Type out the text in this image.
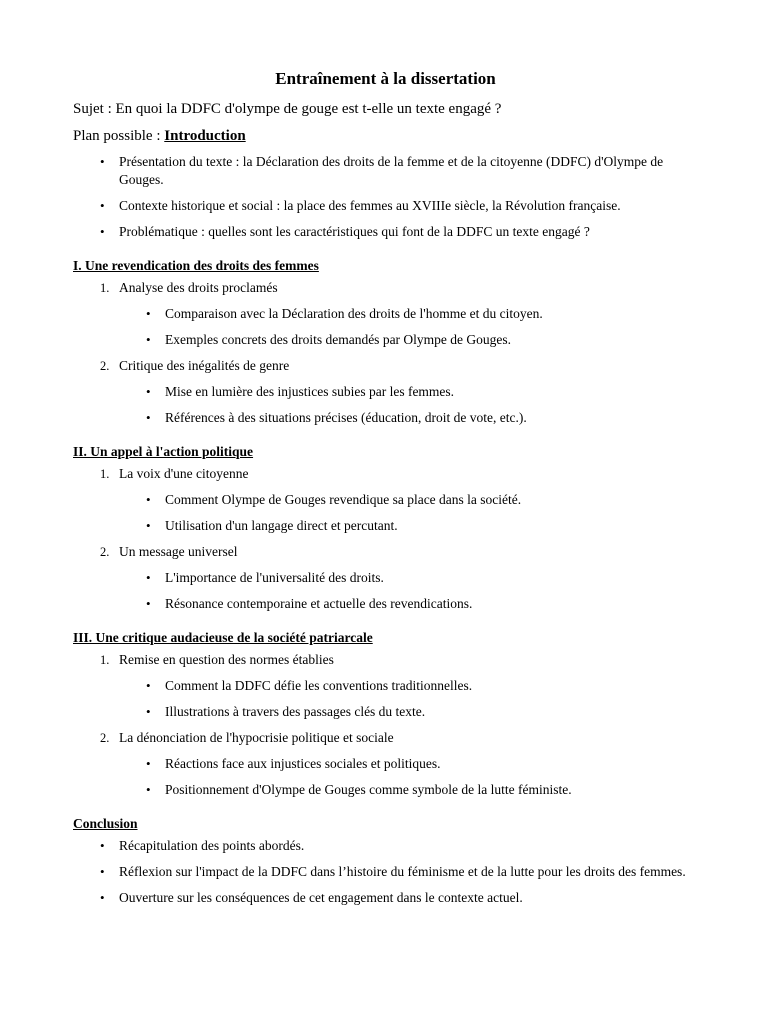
Entraînement à la dissertation
Sujet : En quoi la DDFC d'olympe de gouge est t-elle un texte engagé ?
Plan possible : Introduction
• Présentation du texte : la Déclaration des droits de la femme et de la citoyenne (DDFC) d'Olympe de Gouges.
• Contexte historique et social : la place des femmes au XVIIIe siècle, la Révolution française.
• Problématique : quelles sont les caractéristiques qui font de la DDFC un texte engagé ?
I. Une revendication des droits des femmes
1. Analyse des droits proclamés
• Comparaison avec la Déclaration des droits de l'homme et du citoyen.
• Exemples concrets des droits demandés par Olympe de Gouges.
2. Critique des inégalités de genre
• Mise en lumière des injustices subies par les femmes.
• Références à des situations précises (éducation, droit de vote, etc.).
II. Un appel à l'action politique
1. La voix d'une citoyenne
• Comment Olympe de Gouges revendique sa place dans la société.
• Utilisation d'un langage direct et percutant.
2. Un message universel
• L'importance de l'universalité des droits.
• Résonance contemporaine et actuelle des revendications.
III. Une critique audacieuse de la société patriarcale
1. Remise en question des normes établies
• Comment la DDFC défie les conventions traditionnelles.
• Illustrations à travers des passages clés du texte.
2. La dénonciation de l'hypocrisie politique et sociale
• Réactions face aux injustices sociales et politiques.
• Positionnement d'Olympe de Gouges comme symbole de la lutte féministe.
Conclusion
• Récapitulation des points abordés.
• Réflexion sur l'impact de la DDFC dans l’histoire du féminisme et de la lutte pour les droits des femmes.
• Ouverture sur les conséquences de cet engagement dans le contexte actuel.
